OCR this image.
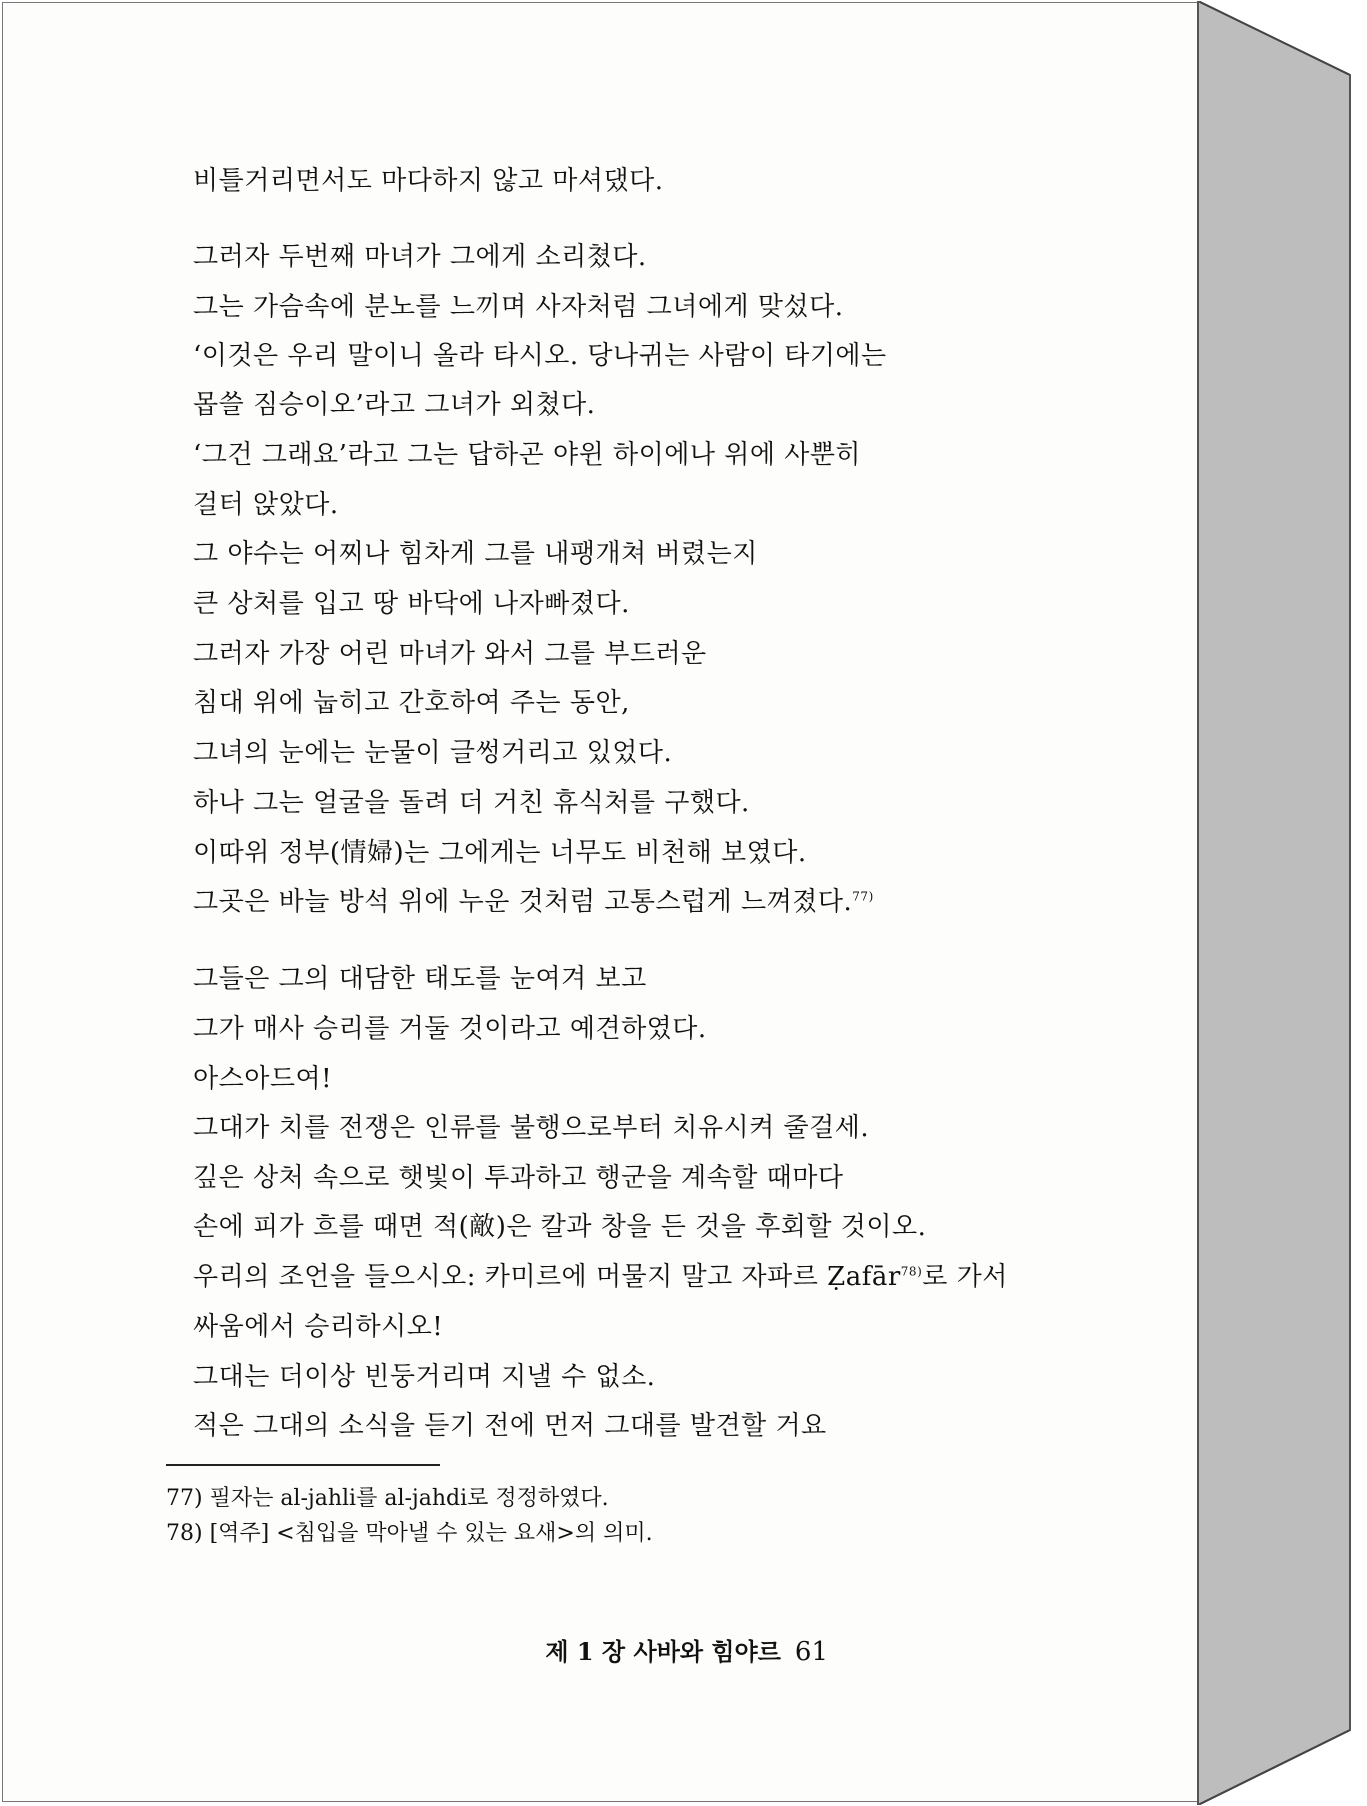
비틀거리면서도 마다하지 않고 마셔댔다.
그러자 두번째 마녀가 그에게 소리쳤다.
그는 가슴속에 분노를 느끼며 사자처럼 그녀에게 맞섰다.
‘이것은 우리 말이니 올라 타시오. 당나귀는 사람이 타기에는
몹쓸 짐승이오’라고 그녀가 외쳤다.
‘그건 그래요’라고 그는 답하곤 야윈 하이에나 위에 사뿐히
걸터 앉았다.
그 야수는 어찌나 힘차게 그를 내팽개쳐 버렸는지
큰 상처를 입고 땅 바닥에 나자빠졌다.
그러자 가장 어린 마녀가 와서 그를 부드러운
침대 위에 눕히고 간호하여 주는 동안,
그녀의 눈에는 눈물이 글썽거리고 있었다.
하나 그는 얼굴을 돌려 더 거친 휴식처를 구했다.
이따위 정부(情婦)는 그에게는 너무도 비천해 보였다.
그곳은 바늘 방석 위에 누운 것처럼 고통스럽게 느껴졌다.$^{77)}$
그들은 그의 대담한 태도를 눈여겨 보고
그가 매사 승리를 거둘 것이라고 예견하였다.
아스아드여!
그대가 치를 전쟁은 인류를 불행으로부터 치유시켜 줄걸세.
깊은 상처 속으로 햇빛이 투과하고 행군을 계속할 때마다
손에 피가 흐를 때면 적(敵)은 칼과 창을 든 것을 후회할 것이오.
우리의 조언을 들으시오: 카미르에 머물지 말고 자파르 Ẓafār$^{78)}$로 가서
싸움에서 승리하시오!
그대는 더이상 빈둥거리며 지낼 수 없소.
적은 그대의 소식을 듣기 전에 먼저 그대를 발견할 거요
77) 필자는 al-jahli를 al-jahdi로 정정하였다.
78) [역주] <침입을 막아낼 수 있는 요새>의 의미.
제 1 장 사바와 힘야르 61
